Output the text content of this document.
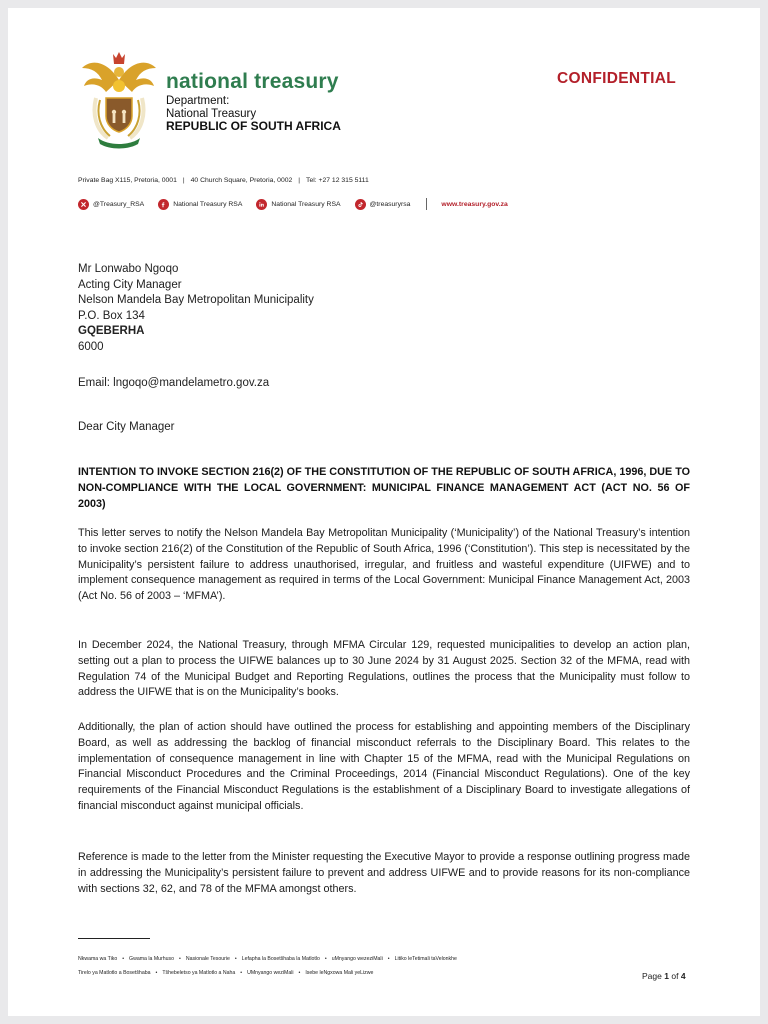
national treasury
Department:
National Treasury
REPUBLIC OF SOUTH AFRICA
CONFIDENTIAL
Private Bag X115, Pretoria, 0001 | 40 Church Square, Pretoria, 0002 | Tel: +27 12 315 5111
@Treasury_RSA	National Treasury RSA	National Treasury RSA	@treasuryrsa	www.treasury.gov.za
Mr Lonwabo Ngoqo
Acting City Manager
Nelson Mandela Bay Metropolitan Municipality
P.O. Box 134
GQEBERHA
6000
Email: lngoqo@mandelametro.gov.za
Dear City Manager
INTENTION TO INVOKE SECTION 216(2) OF THE CONSTITUTION OF THE REPUBLIC OF SOUTH AFRICA, 1996, DUE TO NON-COMPLIANCE WITH THE LOCAL GOVERNMENT: MUNICIPAL FINANCE MANAGEMENT ACT (ACT NO. 56 OF 2003)
This letter serves to notify the Nelson Mandela Bay Metropolitan Municipality (‘Municipality’) of the National Treasury’s intention to invoke section 216(2) of the Constitution of the Republic of South Africa, 1996 (‘Constitution’). This step is necessitated by the Municipality’s persistent failure to address unauthorised, irregular, and fruitless and wasteful expenditure (UIFWE) and to implement consequence management as required in terms of the Local Government: Municipal Finance Management Act, 2003 (Act No. 56 of 2003 – ‘MFMA’).
In December 2024, the National Treasury, through MFMA Circular 129, requested municipalities to develop an action plan, setting out a plan to process the UIFWE balances up to 30 June 2024 by 31 August 2025. Section 32 of the MFMA, read with Regulation 74 of the Municipal Budget and Reporting Regulations, outlines the process that the Municipality must follow to address the UIFWE that is on the Municipality’s books.
Additionally, the plan of action should have outlined the process for establishing and appointing members of the Disciplinary Board, as well as addressing the backlog of financial misconduct referrals to the Disciplinary Board. This relates to the implementation of consequence management in line with Chapter 15 of the MFMA, read with the Municipal Regulations on Financial Misconduct Procedures and the Criminal Proceedings, 2014 (Financial Misconduct Regulations). One of the key requirements of the Financial Misconduct Regulations is the establishment of a Disciplinary Board to investigate allegations of financial misconduct against municipal officials.
Reference is made to the letter from the Minister requesting the Executive Mayor to provide a response outlining progress made in addressing the Municipality’s persistent failure to prevent and address UIFWE and to provide reasons for its non-compliance with sections 32, 62, and 78 of the MFMA amongst others.
Nkwama wa Tiko • Gwama la Murhuso • Nasionale Tesourie • Lefapha la Bosetšhaba la Matlotlo • uMnyango wezeziMali • Litiko leTetimali taVelonkhe
Tirelo ya Matlotlo a Bosetšhaba • Tšhebeletso ya Matlotlo a Naha • UMnyango weziMali • Isebe leNgxowa Mali yeLizwe	Page 1 of 4
